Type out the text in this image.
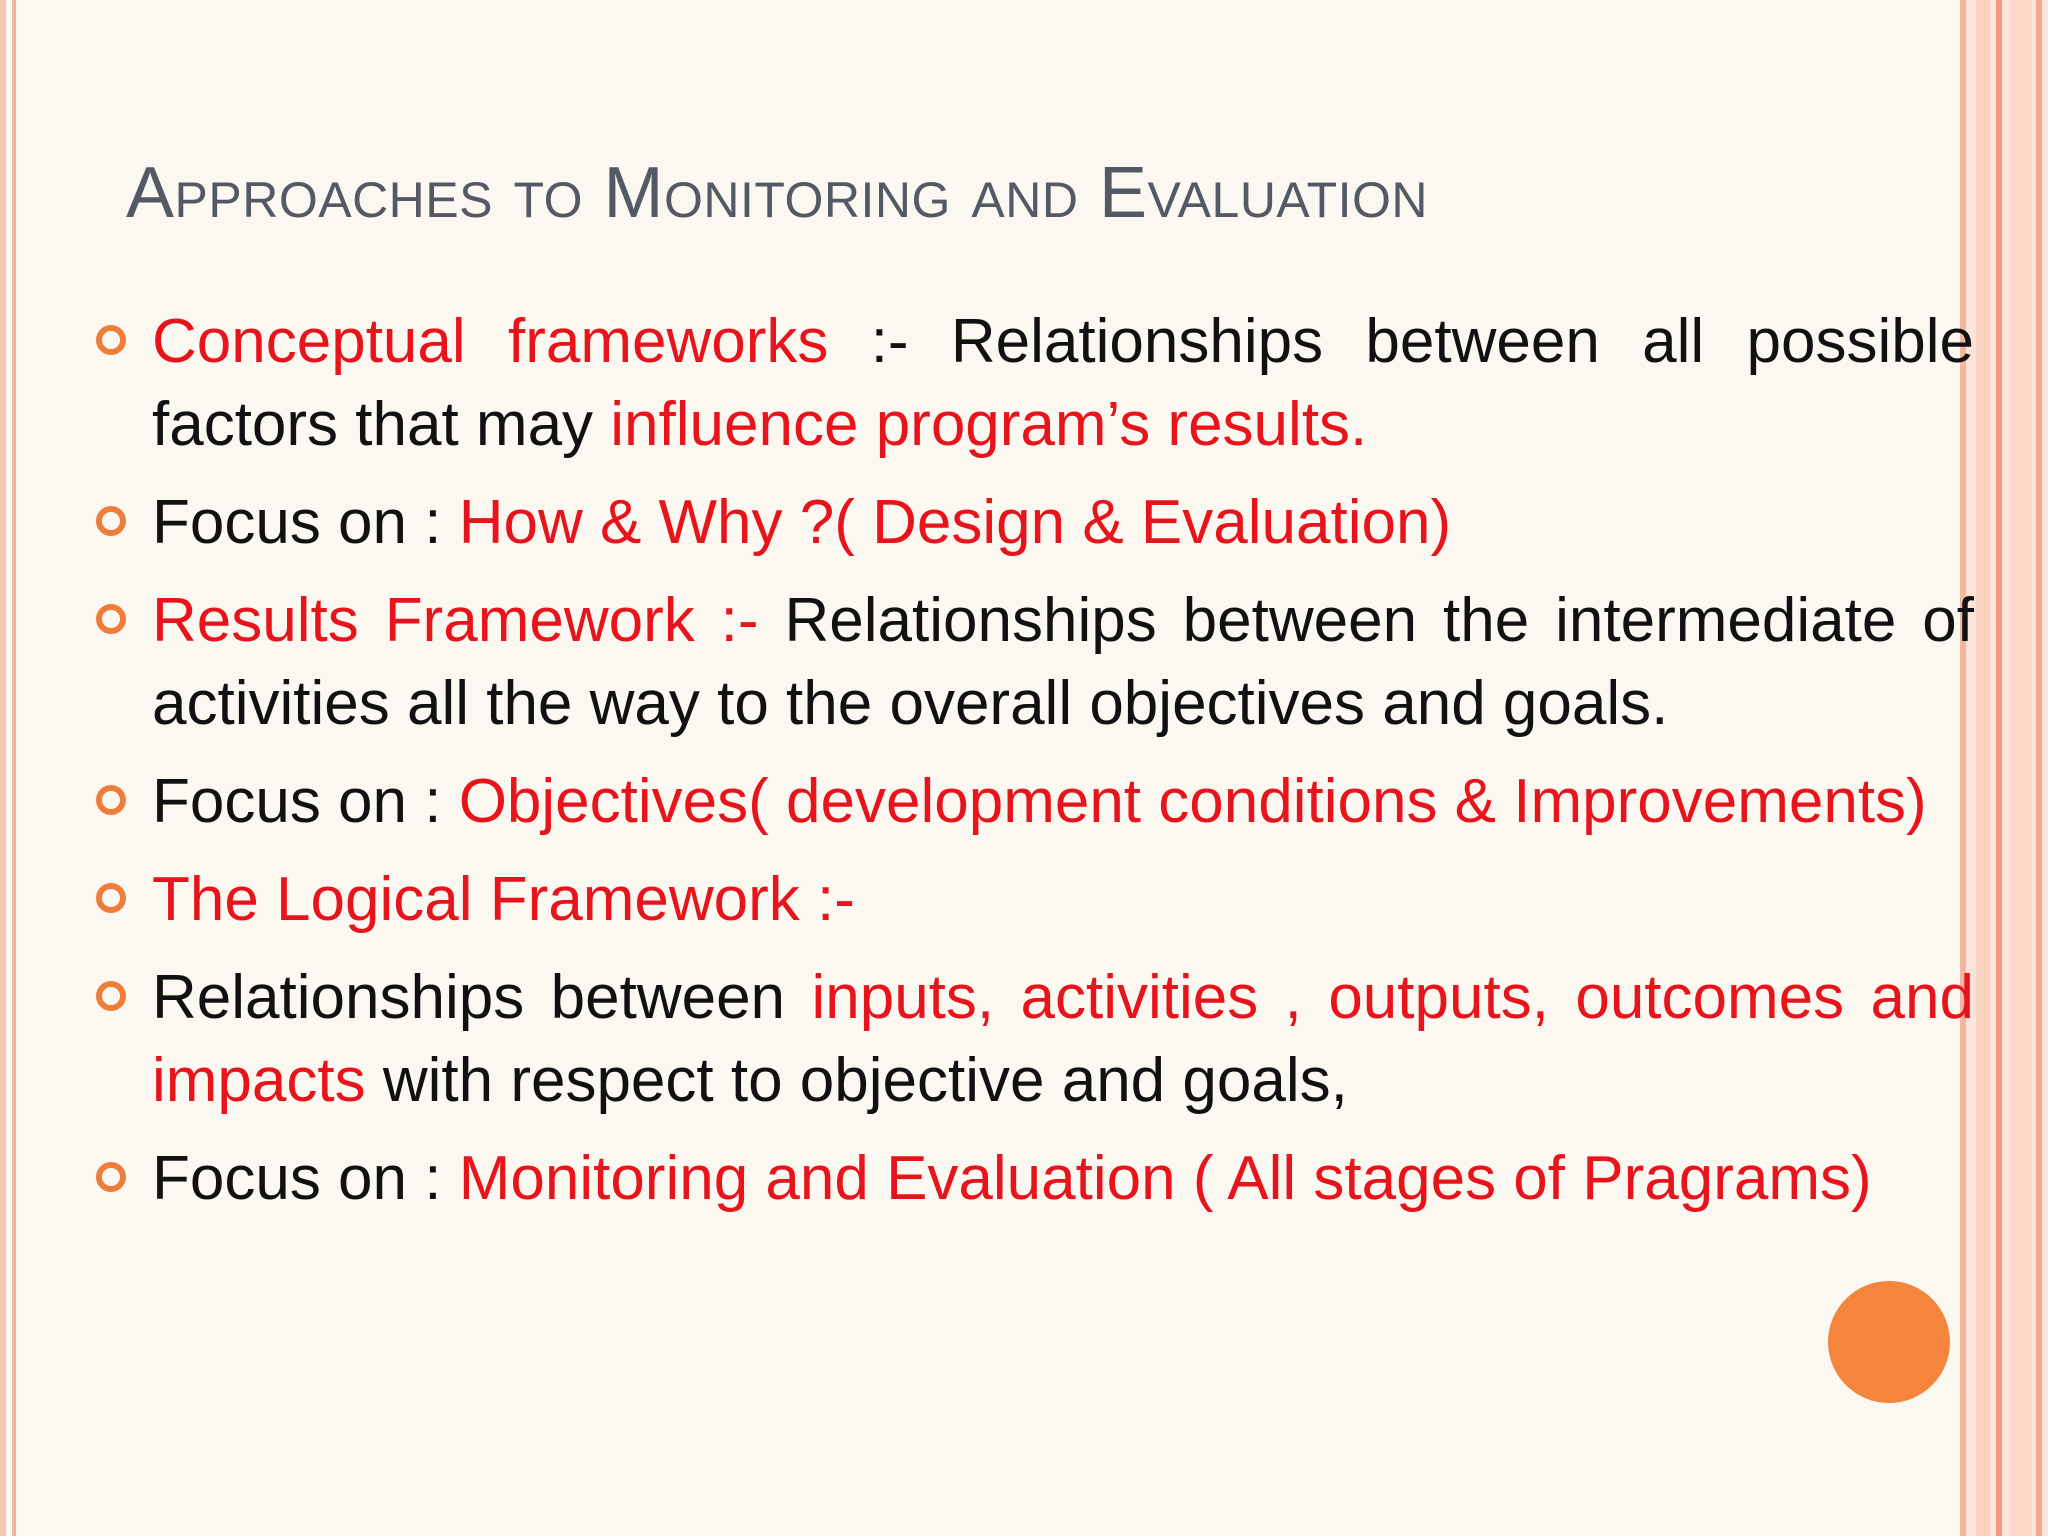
Approaches to Monitoring and Evaluation
Conceptual frameworks :- Relationships between all possible factors that may influence program’s results.
Focus on : How & Why ?( Design & Evaluation)
Results Framework :- Relationships between the intermediate of activities all the way to the overall objectives and goals.
Focus on : Objectives( development conditions & Improvements)
The Logical Framework :-
Relationships between inputs, activities , outputs, outcomes and impacts with respect to objective and goals,
Focus on : Monitoring and Evaluation ( All stages of Pragrams)
